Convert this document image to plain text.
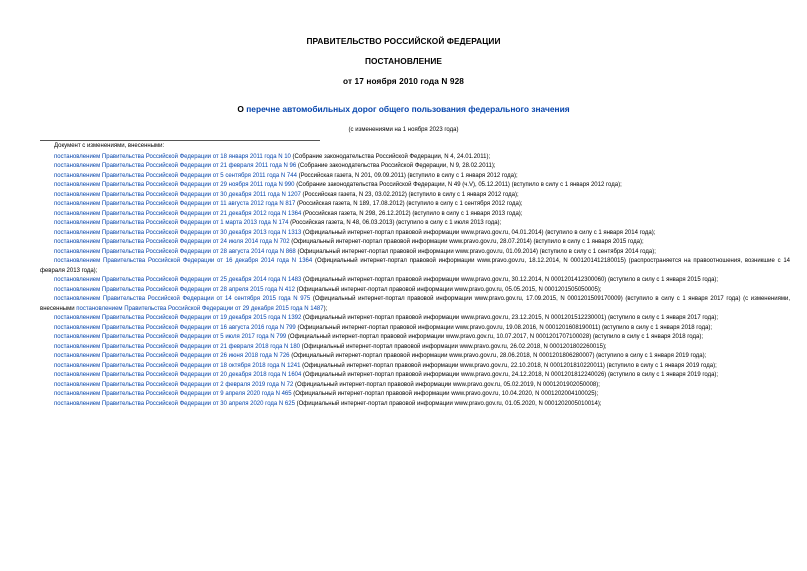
ПРАВИТЕЛЬСТВО РОССИЙСКОЙ ФЕДЕРАЦИИ
ПОСТАНОВЛЕНИЕ
от 17 ноября 2010 года N 928
О перечне автомобильных дорог общего пользования федерального значения
(с изменениями на 1 ноября 2023 года)
Документ с изменениями, внесенными:
постановлением Правительства Российской Федерации от 18 января 2011 года N 10 (Собрание законодательства Российской Федерации, N 4, 24.01.2011);
постановлением Правительства Российской Федерации от 21 февраля 2011 года N 96 (Собрание законодательства Российской Федерации, N 9, 28.02.2011);
постановлением Правительства Российской Федерации от 5 сентября 2011 года N 744 (Российская газета, N 201, 09.09.2011) (вступило в силу с 1 января 2012 года);
постановлением Правительства Российской Федерации от 29 ноября 2011 года N 990 (Собрание законодательства Российской Федерации, N 49 (ч.V), 05.12.2011) (вступило в силу с 1 января 2012 года);
постановлением Правительства Российской Федерации от 30 декабря 2011 года N 1207 (Российская газета, N 23, 03.02.2012) (вступило в силу с 1 января 2012 года);
постановлением Правительства Российской Федерации от 11 августа 2012 года N 817 (Российская газета, N 189, 17.08.2012) (вступило в силу с 1 сентября 2012 года);
постановлением Правительства Российской Федерации от 21 декабря 2012 года N 1364 (Российская газета, N 298, 26.12.2012) (вступило в силу с 1 января 2013 года);
постановлением Правительства Российской Федерации от 1 марта 2013 года N 174 (Российская газета, N 48, 06.03.2013) (вступило в силу с 1 июля 2013 года);
постановлением Правительства Российской Федерации от 30 декабря 2013 года N 1313 (Официальный интернет-портал правовой информации www.pravo.gov.ru, 04.01.2014) (вступило в силу с 1 января 2014 года);
постановлением Правительства Российской Федерации от 24 июля 2014 года N 702 (Официальный интернет-портал правовой информации www.pravo.gov.ru, 28.07.2014) (вступило в силу с 1 января 2015 года);
постановлением Правительства Российской Федерации от 28 августа 2014 года N 868 (Официальный интернет-портал правовой информации www.pravo.gov.ru, 01.09.2014) (вступило в силу с 1 сентября 2014 года);
постановлением Правительства Российской Федерации от 16 декабря 2014 года N 1364 (Официальный интернет-портал правовой информации www.pravo.gov.ru, 18.12.2014, N 0001201412180015) (распространяется на правоотношения, возникшие с 14 февраля 2013 года);
постановлением Правительства Российской Федерации от 25 декабря 2014 года N 1483 (Официальный интернет-портал правовой информации www.pravo.gov.ru, 30.12.2014, N 0001201412300060) (вступило в силу с 1 января 2015 года);
постановлением Правительства Российской Федерации от 28 апреля 2015 года N 412 (Официальный интернет-портал правовой информации www.pravo.gov.ru, 05.05.2015, N 0001201505050005);
постановлением Правительства Российской Федерации от 14 сентября 2015 года N 975 (Официальный интернет-портал правовой информации www.pravo.gov.ru, 17.09.2015, N 0001201509170009) (вступило в силу с 1 января 2017 года) (с изменениями, внесенными постановлением Правительства Российской Федерации от 29 декабря 2015 года N 1487);
постановлением Правительства Российской Федерации от 19 декабря 2015 года N 1392 (Официальный интернет-портал правовой информации www.pravo.gov.ru, 23.12.2015, N 0001201512230001) (вступило в силу с 1 января 2017 года);
постановлением Правительства Российской Федерации от 16 августа 2016 года N 799 (Официальный интернет-портал правовой информации www.pravo.gov.ru, 19.08.2016, N 0001201608190011) (вступило в силу с 1 января 2018 года);
постановлением Правительства Российской Федерации от 5 июля 2017 года N 799 (Официальный интернет-портал правовой информации www.pravo.gov.ru, 10.07.2017, N 0001201707100028) (вступило в силу с 1 января 2018 года);
постановлением Правительства Российской Федерации от 21 февраля 2018 года N 180 (Официальный интернет-портал правовой информации www.pravo.gov.ru, 26.02.2018, N 0001201802260015);
постановлением Правительства Российской Федерации от 26 июня 2018 года N 726 (Официальный интернет-портал правовой информации www.pravo.gov.ru, 28.06.2018, N 0001201806280007) (вступило в силу с 1 января 2019 года);
постановлением Правительства Российской Федерации от 18 октября 2018 года N 1241 (Официальный интернет-портал правовой информации www.pravo.gov.ru, 22.10.2018, N 0001201810220011) (вступило в силу с 1 января 2019 года);
постановлением Правительства Российской Федерации от 20 декабря 2018 года N 1604 (Официальный интернет-портал правовой информации www.pravo.gov.ru, 24.12.2018, N 0001201812240026) (вступило в силу с 1 января 2019 года);
постановлением Правительства Российской Федерации от 2 февраля 2019 года N 72 (Официальный интернет-портал правовой информации www.pravo.gov.ru, 05.02.2019, N 0001201902050008);
постановлением Правительства Российской Федерации от 9 апреля 2020 года N 465 (Официальный интернет-портал правовой информации www.pravo.gov.ru, 10.04.2020, N 0001202004100025);
постановлением Правительства Российской Федерации от 30 апреля 2020 года N 625 (Официальный интернет-портал правовой информации www.pravo.gov.ru, 01.05.2020, N 0001202005010014);
